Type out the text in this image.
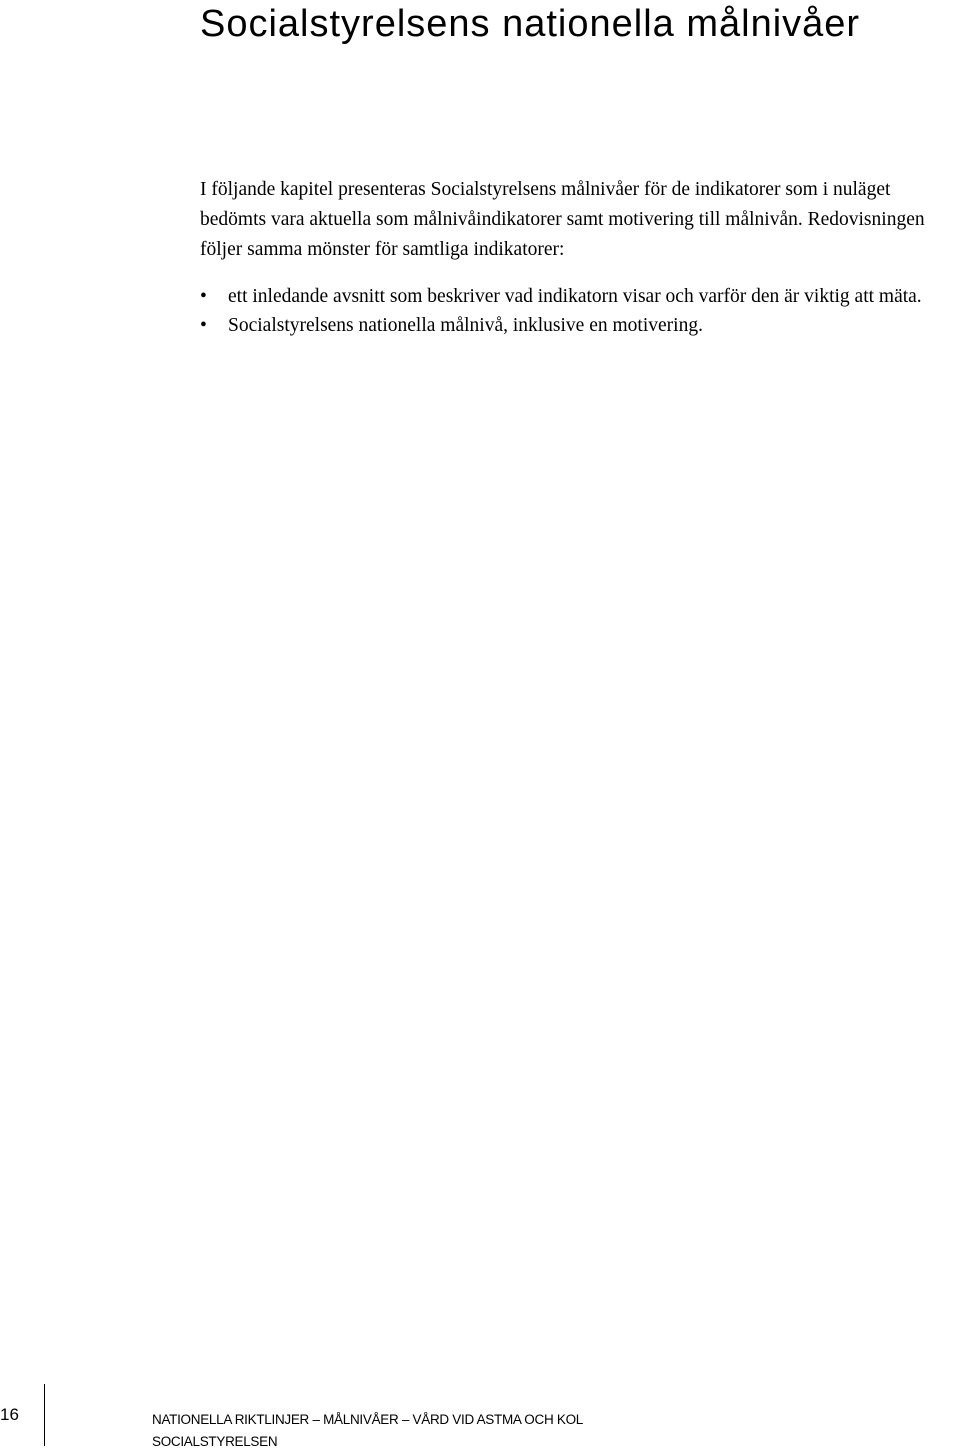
Socialstyrelsens nationella målnivåer

I följande kapitel presenteras Socialstyrelsens målnivåer för de indikatorer som i nuläget bedömts vara aktuella som målnivåindikatorer samt motivering till målnivån. Redovisningen följer samma mönster för samtliga indikatorer:

• ett inledande avsnitt som beskriver vad indikatorn visar och varför den är viktig att mäta.
• Socialstyrelsens nationella målnivå, inklusive en motivering.
16	NATIONELLA RIKTLINJER – MÅLNIVÅER – VÅRD VID ASTMA OCH KOL
SOCIALSTYRELSEN
